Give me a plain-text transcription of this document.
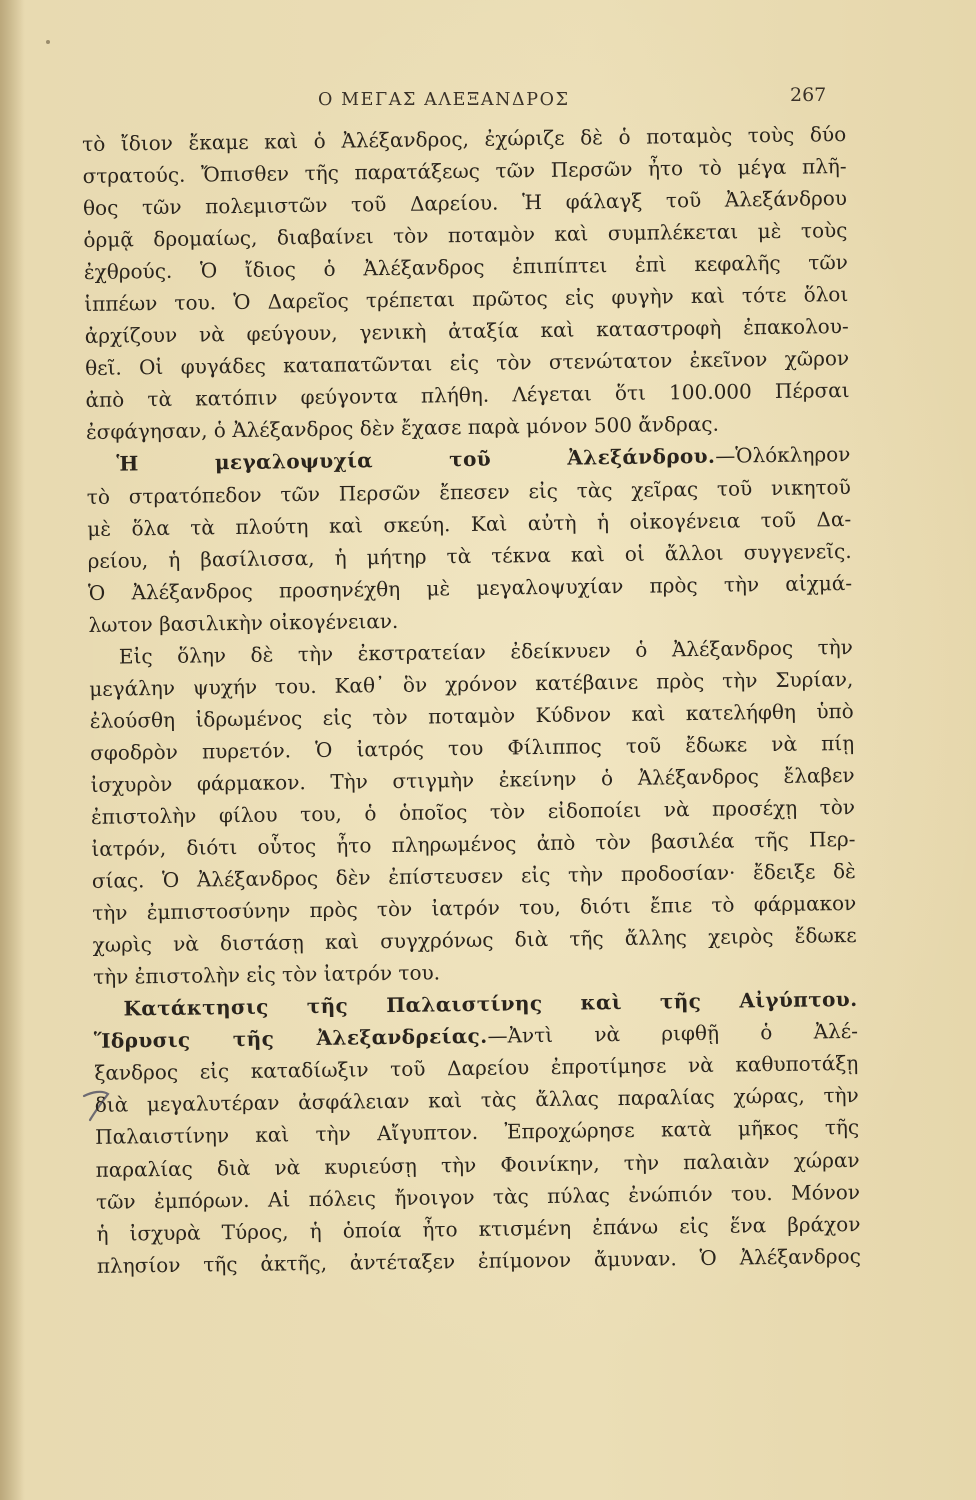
Ο ΜΕΓΑΣ ΑΛΕΞΑΝΔΡΟΣ	267
τὸ ἴδιον ἔκαμε καὶ ὁ Ἀλέξανδρος, ἐχώριζε δὲ ὁ ποταμὸς τοὺς δύο
στρατούς. Ὄπισθεν τῆς παρατάξεως τῶν Περσῶν ἦτο τὸ μέγα πλῆ-
θος τῶν πολεμιστῶν τοῦ Δαρείου. Ἡ φάλαγξ τοῦ Ἀλεξάνδρου
ὁρμᾷ δρομαίως, διαβαίνει τὸν ποταμὸν καὶ συμπλέκεται μὲ τοὺς
ἐχθρούς. Ὁ ἴδιος ὁ Ἀλέξανδρος ἐπιπίπτει ἐπὶ κεφαλῆς τῶν
ἱππέων του. Ὁ Δαρεῖος τρέπεται πρῶτος εἰς φυγὴν καὶ τότε ὅλοι
ἀρχίζουν νὰ φεύγουν, γενικὴ ἀταξία καὶ καταστροφὴ ἐπακολου-
θεῖ. Οἱ φυγάδες καταπατῶνται εἰς τὸν στενώτατον ἐκεῖνον χῶρον
ἀπὸ τὰ κατόπιν φεύγοντα πλήθη. Λέγεται ὅτι 100.000 Πέρσαι
ἐσφάγησαν, ὁ Ἀλέξανδρος δὲν ἔχασε παρὰ μόνον 500 ἄνδρας.
Ἡ μεγαλοψυχία τοῦ Ἀλεξάνδρου.—Ὁλόκληρον
τὸ στρατόπεδον τῶν Περσῶν ἔπεσεν εἰς τὰς χεῖρας τοῦ νικητοῦ
μὲ ὅλα τὰ πλούτη καὶ σκεύη. Καὶ αὐτὴ ἡ οἰκογένεια τοῦ Δα-
ρείου, ἡ βασίλισσα, ἡ μήτηρ τὰ τέκνα καὶ οἱ ἄλλοι συγγενεῖς.
Ὁ Ἀλέξανδρος προσηνέχθη μὲ μεγαλοψυχίαν πρὸς τὴν αἰχμά-
λωτον βασιλικὴν οἰκογένειαν.
Εἰς ὅλην δὲ τὴν ἐκστρατείαν ἐδείκνυεν ὁ Ἀλέξανδρος τὴν
μεγάλην ψυχήν του. Καθ᾽ ὃν χρόνον κατέβαινε πρὸς τὴν Συρίαν,
ἐλούσθη ἱδρωμένος εἰς τὸν ποταμὸν Κύδνον καὶ κατελήφθη ὑπὸ
σφοδρὸν πυρετόν. Ὁ ἰατρός του Φίλιππος τοῦ ἔδωκε νὰ πίῃ
ἰσχυρὸν φάρμακον. Τὴν στιγμὴν ἐκείνην ὁ Ἀλέξανδρος ἔλαβεν
ἐπιστολὴν φίλου του, ὁ ὁποῖος τὸν εἰδοποίει νὰ προσέχῃ τὸν
ἰατρόν, διότι οὗτος ἦτο πληρωμένος ἀπὸ τὸν βασιλέα τῆς Περ-
σίας. Ὁ Ἀλέξανδρος δὲν ἐπίστευσεν εἰς τὴν προδοσίαν· ἔδειξε δὲ
τὴν ἐμπιστοσύνην πρὸς τὸν ἰατρόν του, διότι ἔπιε τὸ φάρμακον
χωρὶς νὰ διστάσῃ καὶ συγχρόνως διὰ τῆς ἄλλης χειρὸς ἔδωκε
τὴν ἐπιστολὴν εἰς τὸν ἰατρόν του.
Κατάκτησις τῆς Παλαιστίνης καὶ τῆς Αἰγύπτου.
Ἵδρυσις τῆς Ἀλεξανδρείας.—Ἀντὶ νὰ ριφθῇ ὁ Ἀλέ-
ξανδρος εἰς καταδίωξιν τοῦ Δαρείου ἐπροτίμησε νὰ καθυποτάξῃ
διὰ μεγαλυτέραν ἀσφάλειαν καὶ τὰς ἄλλας παραλίας χώρας, τὴν
Παλαιστίνην καὶ τὴν Αἴγυπτον. Ἐπροχώρησε κατὰ μῆκος τῆς
παραλίας διὰ νὰ κυριεύσῃ τὴν Φοινίκην, τὴν παλαιὰν χώραν
τῶν ἐμπόρων. Αἱ πόλεις ἤνοιγον τὰς πύλας ἐνώπιόν του. Μόνον
ἡ ἰσχυρὰ Τύρος, ἡ ὁποία ἦτο κτισμένη ἐπάνω εἰς ἕνα βράχον
πλησίον τῆς ἀκτῆς, ἀντέταξεν ἐπίμονον ἄμυναν. Ὁ Ἀλέξανδρος
